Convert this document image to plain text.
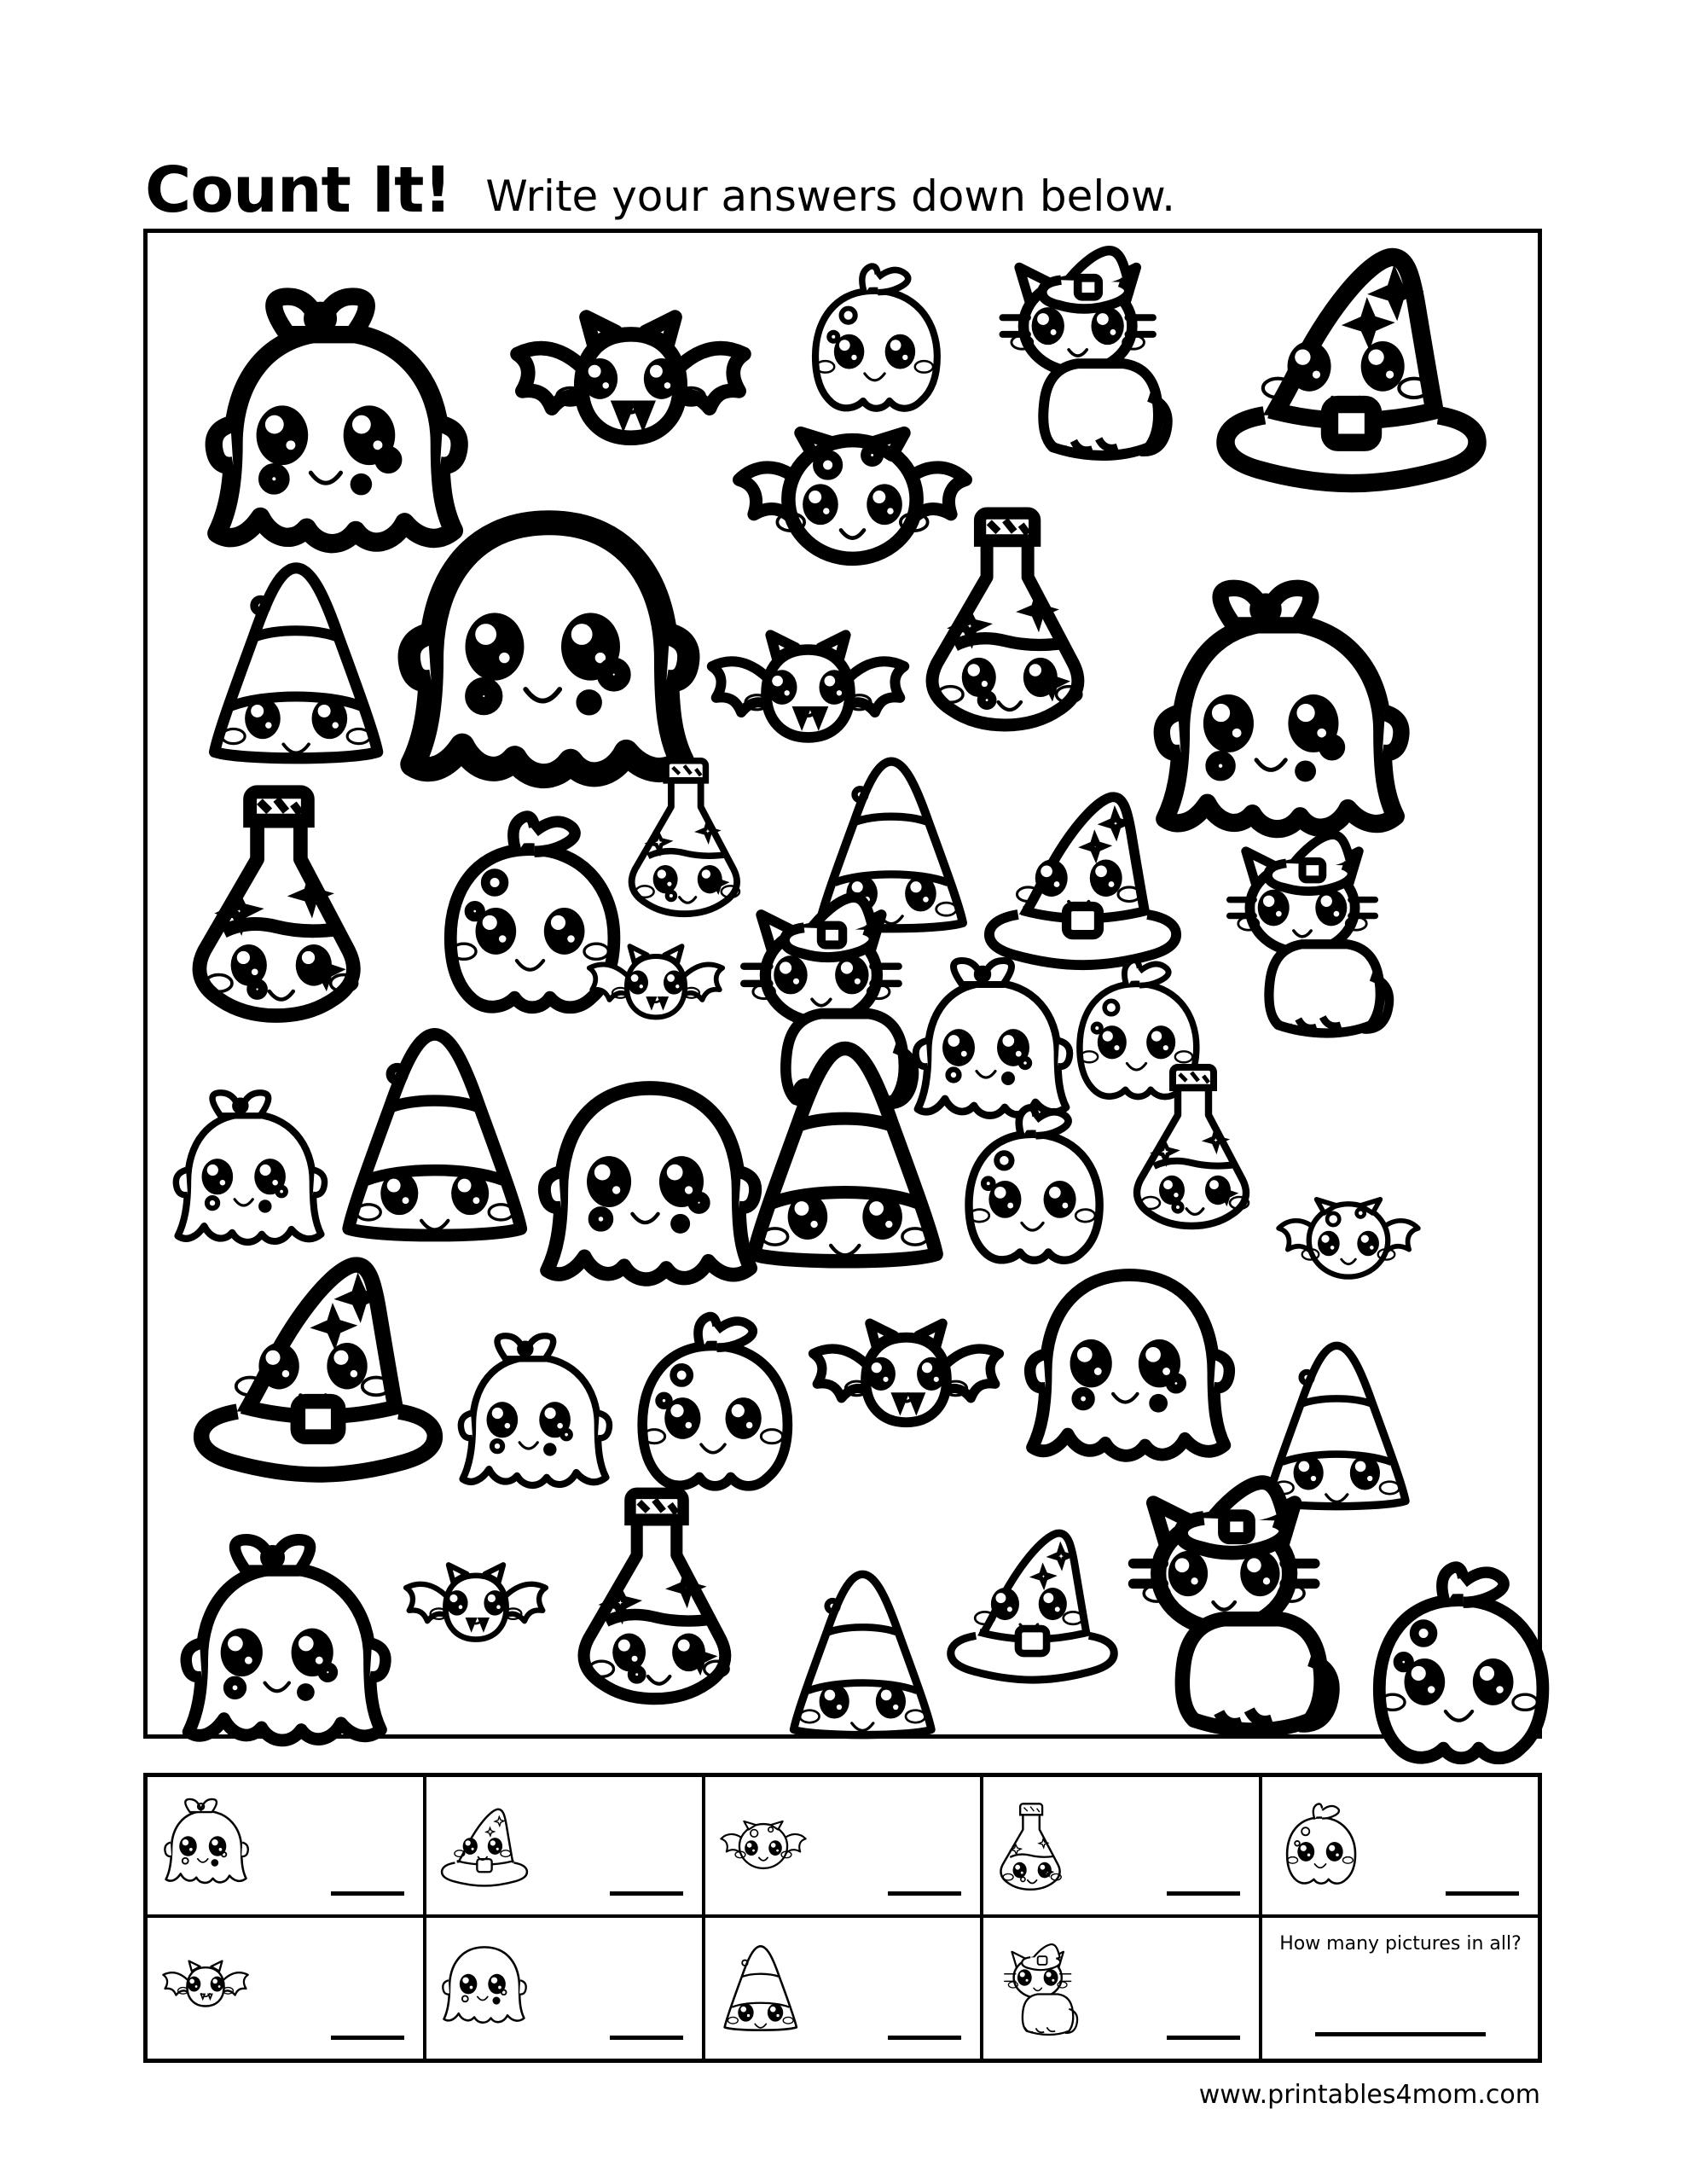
Count It! Write your answers down below.
How many pictures in all?
www.printables4mom.com
